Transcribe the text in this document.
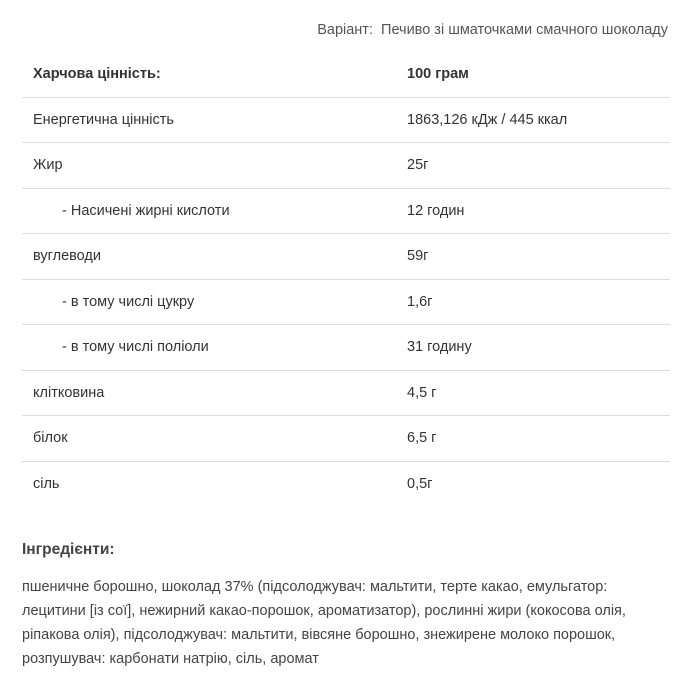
Варіант: Печиво зі шматочками смачного шоколаду
Харчова цінність:	100 грам
Енергетична цінність	1863,126 кДж / 445 ккал
Жир	25г
- Насичені жирні кислоти	12 годин
вуглеводи	59г
- в тому числі цукру	1,6г
- в тому числі поліоли	31 годину
клітковина	4,5 г
білок	6,5 г
сіль	0,5г
Інгредієнти:
пшеничне борошно, шоколад 37% (підсолоджувач: мальтити, терте какао, емульгатор: лецитини [із сої], нежирний какао-порошок, ароматизатор), рослинні жири (кокосова олія, ріпакова олія), підсолоджувач: мальтити, вівсяне борошно, знежирене молоко порошок, розпушувач: карбонати натрію, сіль, аромат
